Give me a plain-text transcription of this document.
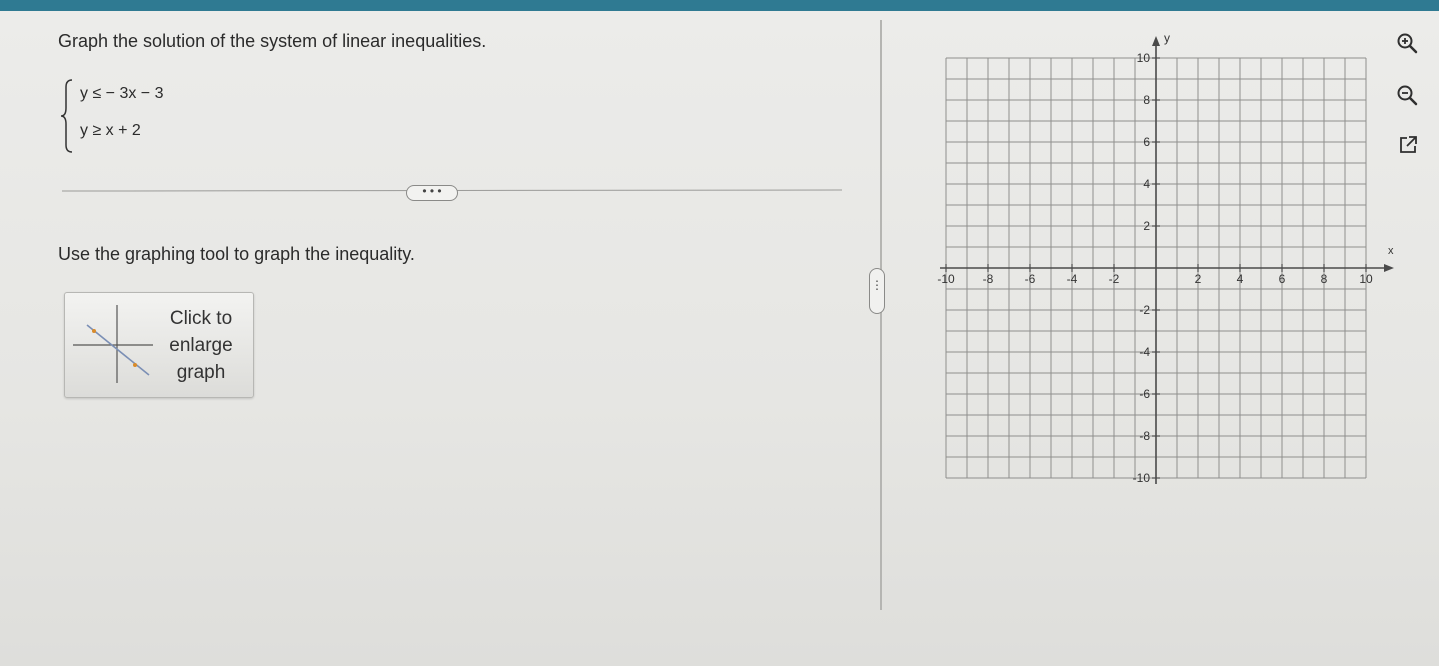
Graph the solution of the system of linear inequalities.
y ≤ − 3x − 3
y ≥ x + 2
• • •
Use the graphing tool to graph the inequality.
Click to
enlarge
graph
⋮	-10 -8	-6	-4	-2	2	4	6	8	10
10
8
6
4
2
-2
-4
-6
-8
-10
x
y
